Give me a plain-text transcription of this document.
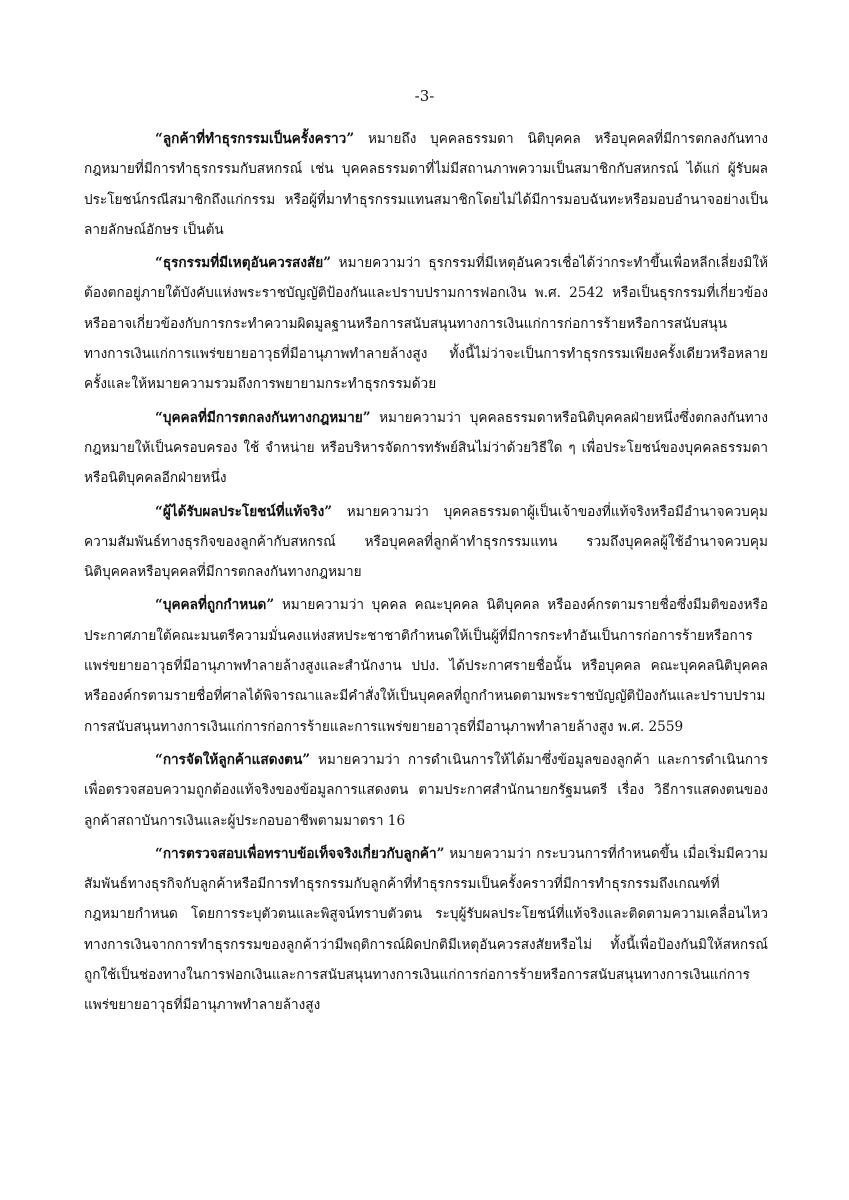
-3-

“ลูกค้าที่ทำธุรกรรมเป็นครั้งคราว” หมายถึง บุคคลธรรมดา นิติบุคคล หรือบุคคลที่มีการตกลงกันทางกฎหมายที่มีการทำธุรกรรมกับสหกรณ์ เช่น บุคคลธรรมดาที่ไม่มีสถานภาพความเป็นสมาชิกกับสหกรณ์ ได้แก่ ผู้รับผลประโยชน์กรณีสมาชิกถึงแก่กรรม หรือผู้ที่มาทำธุรกรรมแทนสมาชิกโดยไม่ได้มีการมอบฉันทะหรือมอบอำนาจอย่างเป็นลายลักษณ์อักษร เป็นต้น

“ธุรกรรมที่มีเหตุอันควรสงสัย” หมายความว่า ธุรกรรมที่มีเหตุอันควรเชื่อได้ว่ากระทำขึ้นเพื่อหลีกเลี่ยงมิให้ต้องตกอยู่ภายใต้บังคับแห่งพระราชบัญญัติป้องกันและปราบปรามการฟอกเงิน พ.ศ. 2542 หรือเป็นธุรกรรมที่เกี่ยวข้องหรืออาจเกี่ยวข้องกับการกระทำความผิดมูลฐานหรือการสนับสนุนทางการเงินแก่การก่อการร้ายหรือการสนับสนุนทางการเงินแก่การแพร่ขยายอาวุธที่มีอานุภาพทำลายล้างสูง ทั้งนี้ไม่ว่าจะเป็นการทำธุรกรรมเพียงครั้งเดียวหรือหลายครั้งและให้หมายความรวมถึงการพยายามกระทำธุรกรรมด้วย

“บุคคลที่มีการตกลงกันทางกฎหมาย” หมายความว่า บุคคลธรรมดาหรือนิติบุคคลฝ่ายหนึ่งซึ่งตกลงกันทางกฎหมายให้เป็นครอบครอง ใช้ จำหน่าย หรือบริหารจัดการทรัพย์สินไม่ว่าด้วยวิธีใด ๆ เพื่อประโยชน์ของบุคคลธรรมดาหรือนิติบุคคลอีกฝ่ายหนึ่ง

“ผู้ได้รับผลประโยชน์ที่แท้จริง” หมายความว่า บุคคลธรรมดาผู้เป็นเจ้าของที่แท้จริงหรือมีอำนาจควบคุมความสัมพันธ์ทางธุรกิจของลูกค้ากับสหกรณ์ หรือบุคคลที่ลูกค้าทำธุรกรรมแทน รวมถึงบุคคลผู้ใช้อำนาจควบคุมนิติบุคคลหรือบุคคลที่มีการตกลงกันทางกฎหมาย

“บุคคลที่ถูกกำหนด” หมายความว่า บุคคล คณะบุคคล นิติบุคคล หรือองค์กรตามรายชื่อซึ่งมีมติของหรือประกาศภายใต้คณะมนตรีความมั่นคงแห่งสหประชาชาติกำหนดให้เป็นผู้ที่มีการกระทำอันเป็นการก่อการร้ายหรือการแพร่ขยายอาวุธที่มีอานุภาพทำลายล้างสูงและสำนักงาน ปปง. ได้ประกาศรายชื่อนั้น หรือบุคคล คณะบุคคลนิติบุคคล หรือองค์กรตามรายชื่อที่ศาลได้พิจารณาและมีคำสั่งให้เป็นบุคคลที่ถูกกำหนดตามพระราชบัญญัติป้องกันและปราบปรามการสนับสนุนทางการเงินแก่การก่อการร้ายและการแพร่ขยายอาวุธที่มีอานุภาพทำลายล้างสูง พ.ศ. 2559

“การจัดให้ลูกค้าแสดงตน” หมายความว่า การดำเนินการให้ได้มาซึ่งข้อมูลของลูกค้า และการดำเนินการเพื่อตรวจสอบความถูกต้องแท้จริงของข้อมูลการแสดงตน ตามประกาศสำนักนายกรัฐมนตรี เรื่อง วิธีการแสดงตนของลูกค้าสถาบันการเงินและผู้ประกอบอาชีพตามมาตรา 16

“การตรวจสอบเพื่อทราบข้อเท็จจริงเกี่ยวกับลูกค้า” หมายความว่า กระบวนการที่กำหนดขึ้น เมื่อเริ่มมีความสัมพันธ์ทางธุรกิจกับลูกค้าหรือมีการทำธุรกรรมกับลูกค้าที่ทำธุรกรรมเป็นครั้งคราวที่มีการทำธุรกรรมถึงเกณฑ์ที่กฎหมายกำหนด โดยการระบุตัวตนและพิสูจน์ทราบตัวตน ระบุผู้รับผลประโยชน์ที่แท้จริงและติดตามความเคลื่อนไหวทางการเงินจากการทำธุรกรรมของลูกค้าว่ามีพฤติการณ์ผิดปกติมีเหตุอันควรสงสัยหรือไม่ ทั้งนี้เพื่อป้องกันมิให้สหกรณ์ถูกใช้เป็นช่องทางในการฟอกเงินและการสนับสนุนทางการเงินแก่การก่อการร้ายหรือการสนับสนุนทางการเงินแก่การแพร่ขยายอาวุธที่มีอานุภาพทำลายล้างสูง
